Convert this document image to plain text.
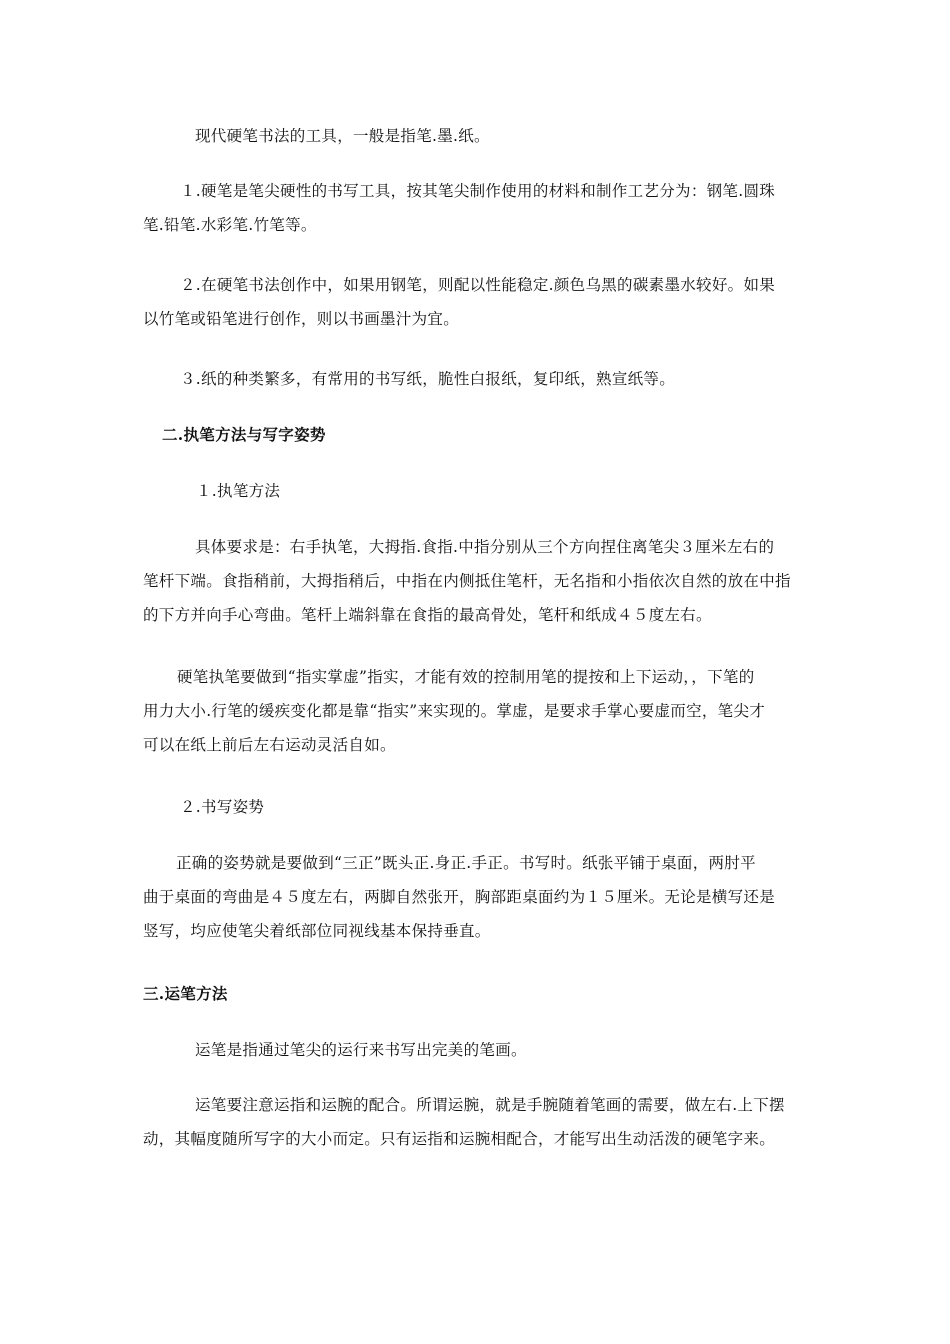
现代硬笔书法的工具，一般是指笔.墨.纸。

１.硬笔是笔尖硬性的书写工具，按其笔尖制作使用的材料和制作工艺分为：钢笔.圆珠
笔.铅笔.水彩笔.竹笔等。

２.在硬笔书法创作中，如果用钢笔，则配以性能稳定.颜色乌黑的碳素墨水较好。如果
以竹笔或铅笔进行创作，则以书画墨汁为宜。

３.纸的种类繁多，有常用的书写纸，脆性白报纸，复印纸，熟宣纸等。

二.执笔方法与写字姿势

１.执笔方法

具体要求是：右手执笔，大拇指.食指.中指分别从三个方向捏住离笔尖３厘米左右的
笔杆下端。食指稍前，大拇指稍后，中指在内侧抵住笔杆，无名指和小指依次自然的放在中指
的下方并向手心弯曲。笔杆上端斜靠在食指的最高骨处，笔杆和纸成４５度左右。

硬笔执笔要做到“指实掌虚”指实，才能有效的控制用笔的提按和上下运动，，下笔的
用力大小.行笔的缓疾变化都是靠“指实”来实现的。掌虚，是要求手掌心要虚而空，笔尖才
可以在纸上前后左右运动灵活自如。

２.书写姿势

正确的姿势就是要做到“三正”既头正.身正.手正。书写时。纸张平铺于桌面，两肘平
曲于桌面的弯曲是４５度左右，两脚自然张开，胸部距桌面约为１５厘米。无论是横写还是
竖写，均应使笔尖着纸部位同视线基本保持垂直。

三.运笔方法

运笔是指通过笔尖的运行来书写出完美的笔画。

运笔要注意运指和运腕的配合。所谓运腕，就是手腕随着笔画的需要，做左右.上下摆
动，其幅度随所写字的大小而定。只有运指和运腕相配合，才能写出生动活泼的硬笔字来。
